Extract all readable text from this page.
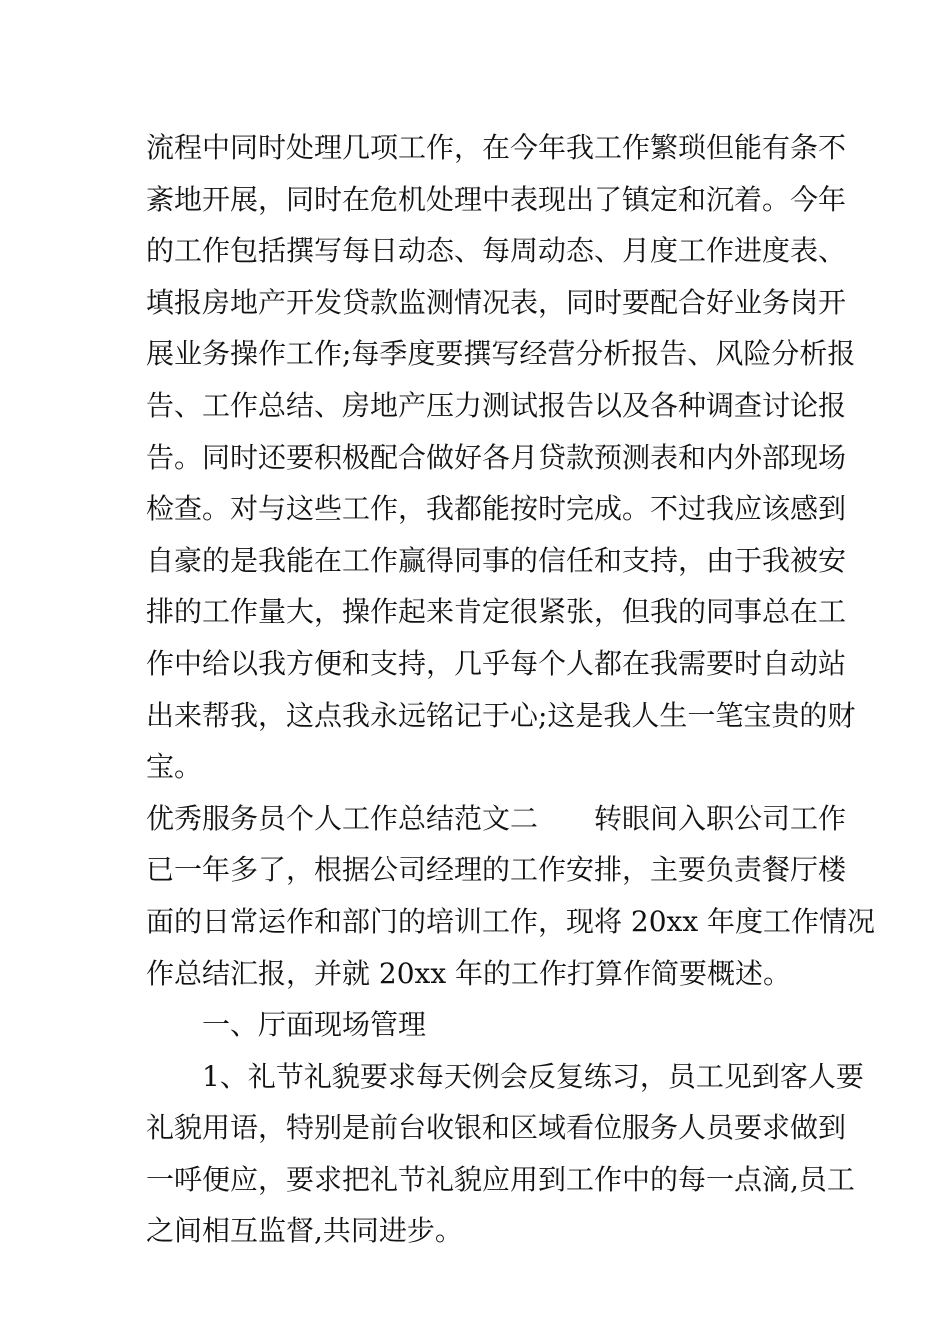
流程中同时处理几项工作，在今年我工作繁琐但能有条不

紊地开展，同时在危机处理中表现出了镇定和沉着。今年

的工作包括撰写每日动态、每周动态、月度工作进度表、

填报房地产开发贷款监测情况表，同时要配合好业务岗开

展业务操作工作;每季度要撰写经营分析报告、风险分析报

告、工作总结、房地产压力测试报告以及各种调查讨论报

告。同时还要积极配合做好各月贷款预测表和内外部现场

检查。对与这些工作，我都能按时完成。不过我应该感到

自豪的是我能在工作赢得同事的信任和支持，由于我被安

排的工作量大，操作起来肯定很紧张，但我的同事总在工

作中给以我方便和支持，几乎每个人都在我需要时自动站

出来帮我，这点我永远铭记于心;这是我人生一笔宝贵的财

宝。

优秀服务员个人工作总结范文二　　转眼间入职公司工作

已一年多了，根据公司经理的工作安排，主要负责餐厅楼

面的日常运作和部门的培训工作，现将 20xx 年度工作情况

作总结汇报，并就 20xx 年的工作打算作简要概述。

一、厅面现场管理

1、礼节礼貌要求每天例会反复练习，员工见到客人要

礼貌用语，特别是前台收银和区域看位服务人员要求做到

一呼便应，要求把礼节礼貌应用到工作中的每一点滴,员工

之间相互监督,共同进步。
